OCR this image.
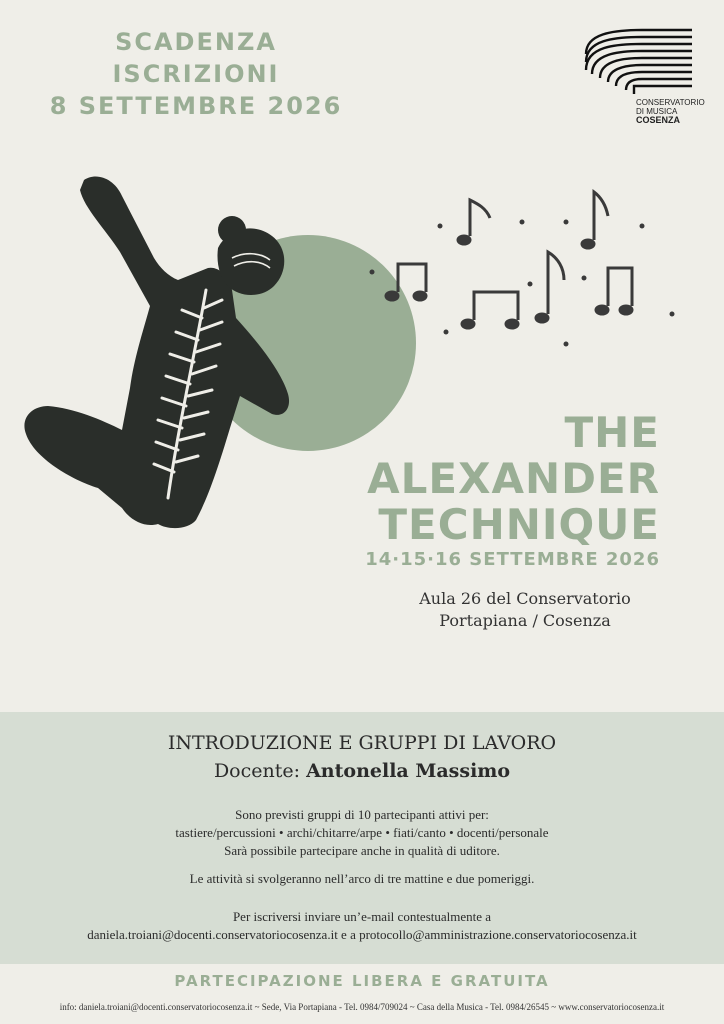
SCADENZA ISCRIZIONI
8 SETTEMBRE 2026	CONSERVATORIO
DI MUSICA
COSENZA
THE
ALEXANDER
TECHNIQUE
14·15·16 SETTEMBRE 2026
Aula 26 del Conservatorio
Portapiana / Cosenza
INTRODUZIONE E GRUPPI DI LAVORO
Docente: Antonella Massimo
Sono previsti gruppi di 10 partecipanti attivi per:
tastiere/percussioni • archi/chitarre/arpe • fiati/canto • docenti/personale
Sarà possibile partecipare anche in qualità di uditore.
Le attività si svolgeranno nell’arco di tre mattine e due pomeriggi.
Per iscriversi inviare un’e-mail contestualmente a
daniela.troiani@docenti.conservatoriocosenza.it e a protocollo@amministrazione.conservatoriocosenza.it
PARTECIPAZIONE LIBERA E GRATUITA
info: daniela.troiani@docenti.conservatoriocosenza.it ~ Sede, Via Portapiana - Tel. 0984/709024 ~ Casa della Musica - Tel. 0984/26545 ~ www.conservatoriocosenza.it
